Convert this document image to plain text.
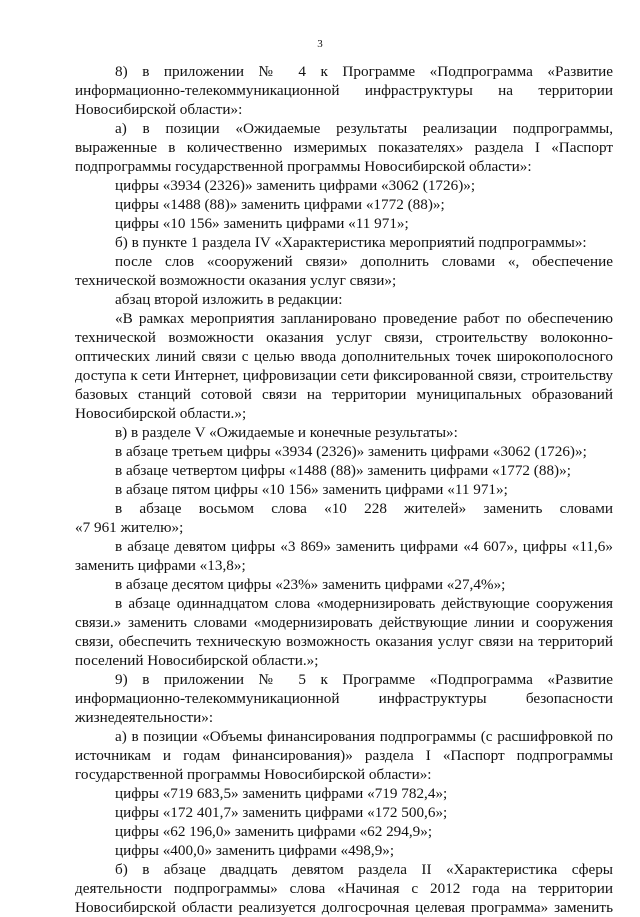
3
8) в приложении № 4 к Программе «Подпрограмма «Развитие
информационно-телекоммуникационной инфраструктуры на территории
Новосибирской области»:
а) в позиции «Ожидаемые результаты реализации подпрограммы,
выраженные в количественно измеримых показателях» раздела I «Паспорт
подпрограммы государственной программы Новосибирской области»:
цифры «3934 (2326)» заменить цифрами «3062 (1726)»;
цифры «1488 (88)» заменить цифрами «1772 (88)»;
цифры «10 156» заменить цифрами «11 971»;
б) в пункте 1 раздела IV «Характеристика мероприятий подпрограммы»:
после слов «сооружений связи» дополнить словами «, обеспечение
технической возможности оказания услуг связи»;
абзац второй изложить в редакции:
«В рамках мероприятия запланировано проведение работ по обеспечению
технической возможности оказания услуг связи, строительству волоконно-
оптических линий связи с целью ввода дополнительных точек широкополосного
доступа к сети Интернет, цифровизации сети фиксированной связи, строительству
базовых станций сотовой связи на территории муниципальных образований
Новосибирской области.»;
в) в разделе V «Ожидаемые и конечные результаты»:
в абзаце третьем цифры «3934 (2326)» заменить цифрами «3062 (1726)»;
в абзаце четвертом цифры «1488 (88)» заменить цифрами «1772 (88)»;
в абзаце пятом цифры «10 156» заменить цифрами «11 971»;
в абзаце восьмом слова «10 228 жителей» заменить словами
«7 961 жителю»;
в абзаце девятом цифры «3 869» заменить цифрами «4 607», цифры «11,6»
заменить цифрами «13,8»;
в абзаце десятом цифры «23%» заменить цифрами «27,4%»;
в абзаце одиннадцатом слова «модернизировать действующие сооружения
связи.» заменить словами «модернизировать действующие линии и сооружения
связи, обеспечить техническую возможность оказания услуг связи на территорий
поселений Новосибирской области.»;
9) в приложении № 5 к Программе «Подпрограмма «Развитие
информационно-телекоммуникационной инфраструктуры безопасности
жизнедеятельности»:
а) в позиции «Объемы финансирования подпрограммы (с расшифровкой по
источникам и годам финансирования)» раздела I «Паспорт подпрограммы
государственной программы Новосибирской области»:
цифры «719 683,5» заменить цифрами «719 782,4»;
цифры «172 401,7» заменить цифрами «172 500,6»;
цифры «62 196,0» заменить цифрами «62 294,9»;
цифры «400,0» заменить цифрами «498,9»;
б) в абзаце двадцать девятом раздела II «Характеристика сферы
деятельности подпрограммы» слова «Начиная с 2012 года на территории
Новосибирской области реализуется долгосрочная целевая программа» заменить
